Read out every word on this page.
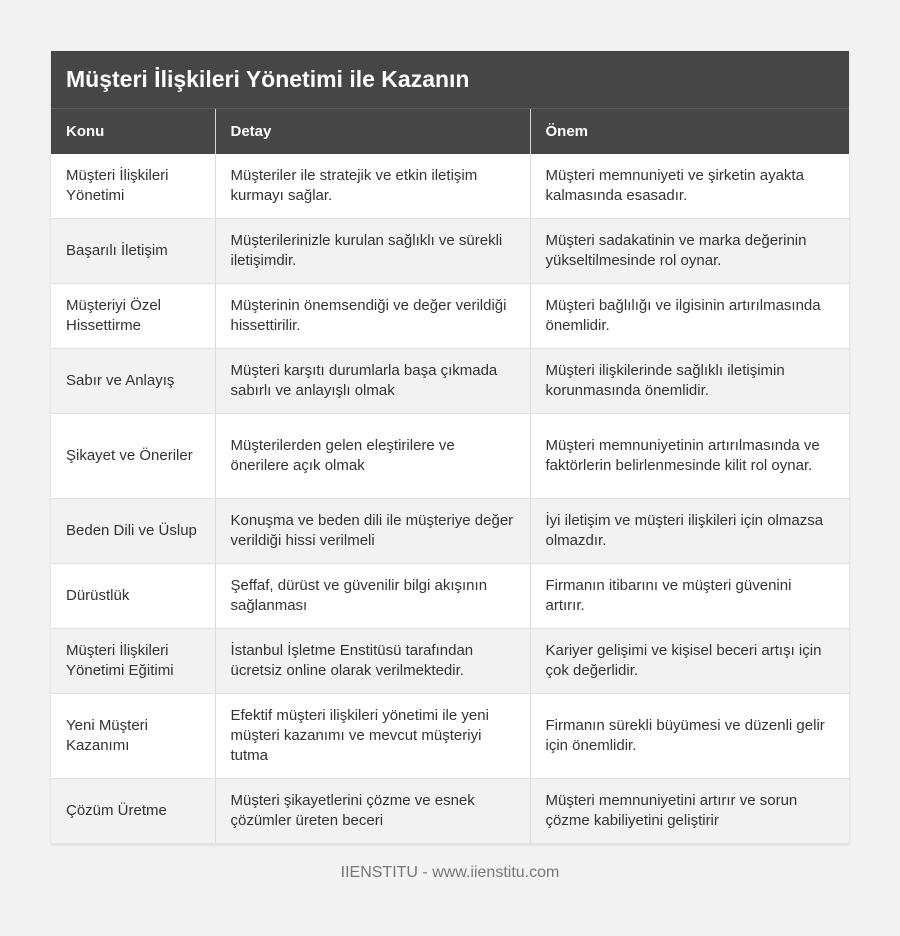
Müşteri İlişkileri Yönetimi ile Kazanın
Konu	Detay	Önem
Müşteri İlişkileri Yönetimi	Müşteriler ile stratejik ve etkin iletişim kurmayı sağlar.	Müşteri memnuniyeti ve şirketin ayakta kalmasında esasadır.
Başarılı İletişim	Müşterilerinizle kurulan sağlıklı ve sürekli iletişimdir.	Müşteri sadakatinin ve marka değerinin yükseltilmesinde rol oynar.
Müşteriyi Özel Hissettirme	Müşterinin önemsendiği ve değer verildiği hissettirilir.	Müşteri bağlılığı ve ilgisinin artırılmasında önemlidir.
Sabır ve Anlayış	Müşteri karşıtı durumlarla başa çıkmada sabırlı ve anlayışlı olmak	Müşteri ilişkilerinde sağlıklı iletişimin korunmasında önemlidir.
Şikayet ve Öneriler	Müşterilerden gelen eleştirilere ve önerilere açık olmak	Müşteri memnuniyetinin artırılmasında ve faktörlerin belirlenmesinde kilit rol oynar.
Beden Dili ve Üslup	Konuşma ve beden dili ile müşteriye değer verildiği hissi verilmeli	İyi iletişim ve müşteri ilişkileri için olmazsa olmazdır.
Dürüstlük	Şeffaf, dürüst ve güvenilir bilgi akışının sağlanması	Firmanın itibarını ve müşteri güvenini artırır.
Müşteri İlişkileri Yönetimi Eğitimi	İstanbul İşletme Enstitüsü tarafından ücretsiz online olarak verilmektedir.	Kariyer gelişimi ve kişisel beceri artışı için çok değerlidir.
Yeni Müşteri Kazanımı	Efektif müşteri ilişkileri yönetimi ile yeni müşteri kazanımı ve mevcut müşteriyi tutma	Firmanın sürekli büyümesi ve düzenli gelir için önemlidir.
Çözüm Üretme	Müşteri şikayetlerini çözme ve esnek çözümler üreten beceri	Müşteri memnuniyetini artırır ve sorun çözme kabiliyetini geliştirir
IIENSTITU - www.iienstitu.com
